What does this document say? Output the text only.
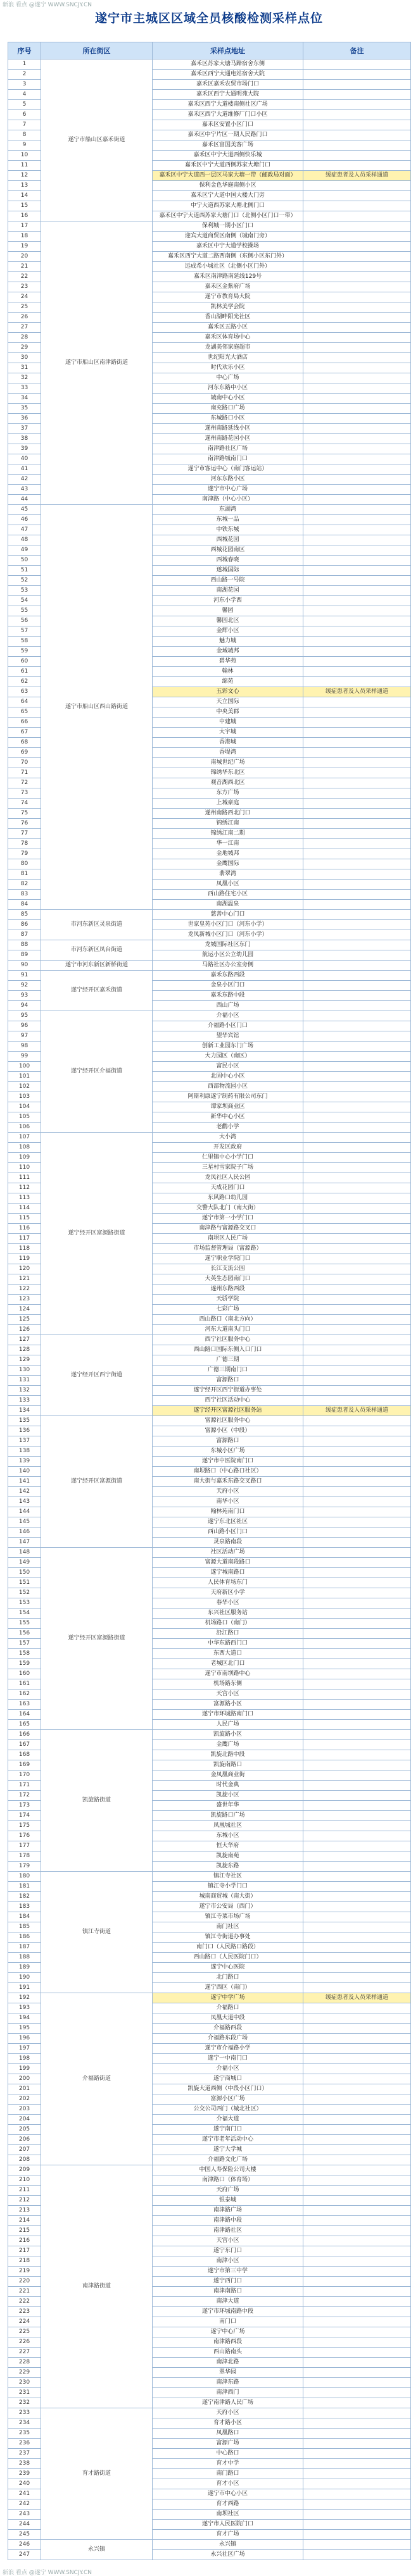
新浪 看点 @遂宁 WWW.SNCJY.CN
遂宁市主城区区域全员核酸检测采样点位
序号	所在街区	采样点地址	备注
1	遂宁市船山区嘉禾街道	嘉禾区苏家大塘马蹄宿舍东侧	
2		嘉禾区西宁大通电站宿舍大院	
3		嘉禾区嘉禾农贸市场门口	
4		嘉禾区西宁大通明苑大院	
5		嘉禾区西宁大道楼南侧社区广场	
6		嘉禾区西宁大道维修厂门口小区	
7		嘉禾区安置小区门口	
8		嘉禾区中宁片区一期人民路门口	
9		嘉禾区富国美客广场	
10		嘉禾区中宁大道西侧快乐城	
11		嘉禾区中宁大道西侧苏家大塘门口	
12		嘉禾区中宁大道西一层区马家大塘一带（邮政局对面）	缓症患者及人员采样通道
13		保利金色华庭南侧小区	
14		嘉禾区宁大道中国大楼大门旁	
15		中宁大道西苏家大塘北侧门口	
16		嘉禾区中宁大道西苏家大塘门口（北侧小区门口一带）	
17	遂宁市船山区南津路街道	保利城一期小区门口	
18		迎宾大道商贸区南侧（城南门旁）	
19		嘉禾区中宁大道学校操场	
20		嘉禾区西宁大道二路西南侧（东侧小区东门外）	
21		远成希小城社区（北侧小区门外）	
22		嘉禾区南津路南延线129号	
23		嘉禾区金紫府广场	
24		遂宁市教育局大院	
25		凯林美学会院	
26		香山湖畔阳光社区	
27		嘉禾区五路小区	
28		嘉禾区体育场中心	
29		龙湖美邻家庭超市	
30		世纪阳光大酒店	
31		时代欢乐小区	
32		中心广场	
33		河东东路中小区	
34		城南中心小区	
35		南充路口广场	
36		东城路口小区	
37		遂州南路延线小区	
38		遂州南路花园小区	
39		南津路社区广场	
40		南津路城南门口	
41		遂宁市客运中心（南门客运站）	
42		河东东路小区	
43		遂宁市中心广场	
44		南津路（中心小区）	
45	遂宁市船山区西山路街道	东湖湾	
46		东城一品	
47		中铁东城	
48		西城花园	
49		西城花园南区	
50		西城春晓	
51		遂城国际	
52		西山路一号院	
53		南湖花园	
54		河东小学西	
55		馨园	
56		馨园北区	
57		金辉小区	
58		魅力城	
59		金域城邦	
60		碧华苑	
61		翰林	
62		绵苑	
63		五彩文心	缓症患者及人员采样通道
64		天立国际	
65		中央美郡	
66		中建城	
67		大宇城	
68		香港城	
69		香堤湾	
70		南城世纪广场	
71		锦绣华东北区	
72		观音湖西北区	
73		东方广场	
74		上城豪庭	
75		遂州南路西北门口	
76		锦绣江南	
77		锦绣江南二期	
78		华一江南	
79		金地城邦	
80		金鹰国际	
81		翡翠湾	
82		凤凰小区	
83		西山路住宅小区	
84		南湖温泉	
85	市河东新区灵泉街道	慈善中心门口	
86		世家皇苑小区门口（河东小学）	
87		龙凤新城小区门口（河东小学）	
88	市河东新区凤台街道	龙城国际社区东门	
89		航运小区公立幼儿园	
90	遂宁市河东新区新桥街道	马路社区办公室旁侧	
91	遂宁经开区嘉禾街道	嘉禾东路西段	
92		金泉小区门口	
93		嘉禾东路中段	
94		西山广场	
95	遂宁经开区介福街道	介福小区	
96		介福路小区门口	
97		望华宾馆	
98		创新工业园东门广场	
99		大力园区（南区）	
100		富民小区	
101		北固中心小区	
102		西部物流园小区	
103		阿斯利康遂宁制药有限公司东门	
104		谭家坝商业区	
105		新华中心小区	
106		老鹳小学	
107	遂宁经开区富源路街道	大小湾	
108		开发区政府	
109		仁里镇中心小学门口	
110		三星村雪家院子广场	
111		龙凤社区人民公园	
112		天成花园门口	
113		东风路口幼儿园	
114		交警大队北门（南大街）	
115		遂宁市第一小学门口	
116		南津路与富源路交叉口	
117		南坝区人民广场	
118		市场监督管理局（富源路）	
119		遂宁职业学院门口	
120		长江支流公园	
121		大英生态园南门口	
122		遂州东路西段	
123		天骄学院	
124		七彩广场	
125		西山路口（南北方向）	
126		河东大道南头门口	
127	遂宁经开区西宁街道	西宁社区服务中心	
128		西山路口国际东侧入口门口	
129		广德三期	
130		广德三期南门口	
131		富源路口	
132		遂宁经开区西宁街道办事处	
133		西宁社区活动中心	
134		遂宁经开区富源社区服务站	缓症患者及人员采样通道
135	遂宁经开区富源街道	富源社区服务中心	
136		富源小区（中段）	
137		富源路口	
138		东城小区广场	
139		遂宁市中医院南门口	
140		南坝路口（中心路口社区）	
141		南大街与嘉禾东路交叉路口	
142		天府小区	
143		南华小区	
144		翰林苑南门口	
145		遂宁东北区社区	
146		西山路小区门口	
147		灵泉路南段	
148	遂宁经开区富源路街道	社区活动广场	
149		富源大道南段路口	
150		遂宁城南路口	
151		人民体育场东门	
152		天府新区小学	
153		春华小区	
154		东兴社区服务站	
155		机场路口（南门）	
156		沿江路口	
157		中华东路西门口	
158		东西大道口	
159		老城区北门口	
160		遂宁市南坝路中心	
161		机场路东侧	
162		天宫小区	
163		富源路小区	
164		遂宁市环城路南门口	
165		人民广场	
166	凯旋路街道	凯旋路小区	
167		金鹰广场	
168		凯旋北路中段	
169		凯旋南路口	
170		金凤凰商业街	
171		时代金典	
172		凯旋小区	
173		盛世年华	
174		凯旋路口广场	
175		凤凰城社区	
176		东城小区	
177		恒大华府	
178		凯旋南苑	
179		凯旋东路	
180	镇江寺街道	镇江寺社区	
181		镇江寺小学门口	
182		城南商贸城（南大街）	
183		遂宁市公安局（西门）	
184		镇江寺菜市场广场	
185		南门社区	
186		镇江寺街道办事处	
187		南门口（人民路口路段）	
188		西山路口（人民医院门口）	
189		遂宁中心医院	
190		北门路口	
191		遂宁西区（南门）	
192	介福路街道	遂宁中学广场	缓症患者及人员采样通道
193		介福路口	
194		凤凰大道中段	
195		介福路西段	
196		介福路东段广场	
197		遂宁市介福路小学	
198		遂宁一中南门口	
199		介福小区	
200		遂宁商城口	
201		凯旋大道西侧（中段小区门口）	
202		富源小区广场	
203		公交公司西门（城北社区）	
204		介福大道	
205		遂宁南门口	
206		遂宁市老年活动中心	
207		遂宁大学城	
208		介福路文化广场	
209	南津路街道	中国人寿保险公司大楼	
210		南津路口（体育场）	
211		天府广场	
212		银泰城	
213		南津路广场	
214		南津路中段	
215		南津路社区	
216		天宫小区	
217		遂宁东门口	
218		南津小区	
219		遂宁市第三中学	
220		遂宁西门口	
221		南津南路口	
222		南津大道	
223		遂宁市环城南路中段	
224		南门口	
225		遂宁中心广场	
226		南津路西段	
227		西山路南头	
228		南津北路	
229		翠华园	
230		南津东路	
231		南津西门	
232		遂宁南津路人民广场	
233	育才路街道	天府小区	
234		育才路小区	
235		凤凰路口	
236		富源广场	
237		中心路口	
238		育才中学	
239		南门路口	
240		育才小区	
241		遂宁市中心小区	
242		育才西路	
243		南坝社区	
244		遂宁市人民医院门口	
245		育才广场	
246	永兴镇	永兴镇	
247		永兴社区广场	
新浪 看点 @遂宁 WWW.SNCJY.CN
